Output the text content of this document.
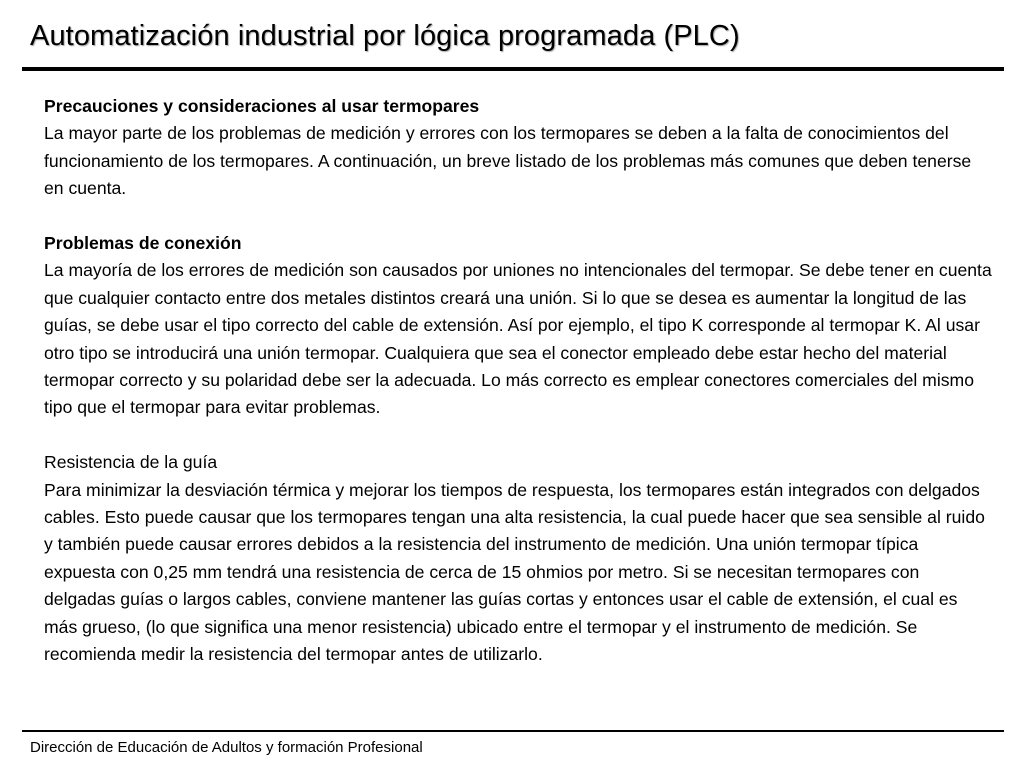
Automatización industrial por lógica programada (PLC)
Precauciones y consideraciones al usar termopares
La mayor parte de los problemas de medición y errores con los termopares se deben a la falta de conocimientos del funcionamiento de los termopares. A continuación, un breve listado de los problemas más comunes que deben tenerse en cuenta.
Problemas de conexión
La mayoría de los errores de medición son causados por uniones no intencionales del termopar. Se debe tener en cuenta que cualquier contacto entre dos metales distintos creará una unión. Si lo que se desea es aumentar la longitud de las guías, se debe usar el tipo correcto del cable de extensión. Así por ejemplo, el tipo K corresponde al termopar K. Al usar otro tipo se introducirá una unión termopar. Cualquiera que sea el conector empleado debe estar hecho del material termopar correcto y su polaridad debe ser la adecuada. Lo más correcto es emplear conectores comerciales del mismo tipo que el termopar para evitar problemas.
Resistencia de la guía
Para minimizar la desviación térmica y mejorar los tiempos de respuesta, los termopares están integrados con delgados cables. Esto puede causar que los termopares tengan una alta resistencia, la cual puede hacer que sea sensible al ruido y también puede causar errores debidos a la resistencia del instrumento de medición. Una unión termopar típica expuesta con 0,25 mm tendrá una resistencia de cerca de 15 ohmios por metro. Si se necesitan termopares con delgadas guías o largos cables, conviene mantener las guías cortas y entonces usar el cable de extensión, el cual es más grueso, (lo que significa una menor resistencia) ubicado entre el termopar y el instrumento de medición. Se recomienda medir la resistencia del termopar antes de utilizarlo.
Dirección de Educación de Adultos y formación Profesional
